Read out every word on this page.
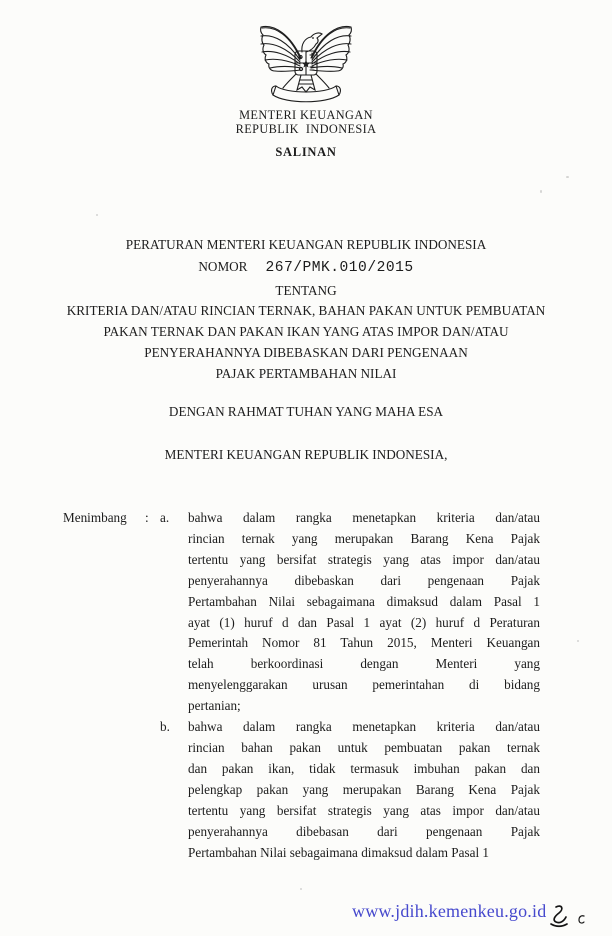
MENTERI KEUANGAN
REPUBLIK  INDONESIA
SALINAN
PERATURAN MENTERI KEUANGAN REPUBLIK INDONESIA
NOMOR 267/PMK.010/2015
TENTANG
KRITERIA DAN/ATAU RINCIAN TERNAK, BAHAN PAKAN UNTUK PEMBUATAN
PAKAN TERNAK DAN PAKAN IKAN YANG ATAS IMPOR DAN/ATAU
PENYERAHANNYA DIBEBASKAN DARI PENGENAAN
PAJAK PERTAMBAHAN NILAI
DENGAN RAHMAT TUHAN YANG MAHA ESA
MENTERI KEUANGAN REPUBLIK INDONESIA,
Menimbang	: a.	bahwa dalam rangka menetapkan kriteria dan/atau
rincian ternak yang merupakan Barang Kena Pajak
tertentu yang bersifat strategis yang atas impor dan/atau
penyerahannya dibebaskan dari pengenaan Pajak
Pertambahan Nilai sebagaimana dimaksud dalam Pasal 1
ayat (1) huruf d dan Pasal 1 ayat (2) huruf d Peraturan
Pemerintah Nomor 81 Tahun 2015, Menteri Keuangan
telah berkoordinasi dengan Menteri yang
menyelenggarakan urusan pemerintahan di bidang
pertanian;
b.	bahwa dalam rangka menetapkan kriteria dan/atau
rincian bahan pakan untuk pembuatan pakan ternak
dan pakan ikan, tidak termasuk imbuhan pakan dan
pelengkap pakan yang merupakan Barang Kena Pajak
tertentu yang bersifat strategis yang atas impor dan/atau
penyerahannya dibebasan dari pengenaan Pajak
Pertambahan Nilai sebagaimana dimaksud dalam Pasal 1
www.jdih.kemenkeu.go.id
